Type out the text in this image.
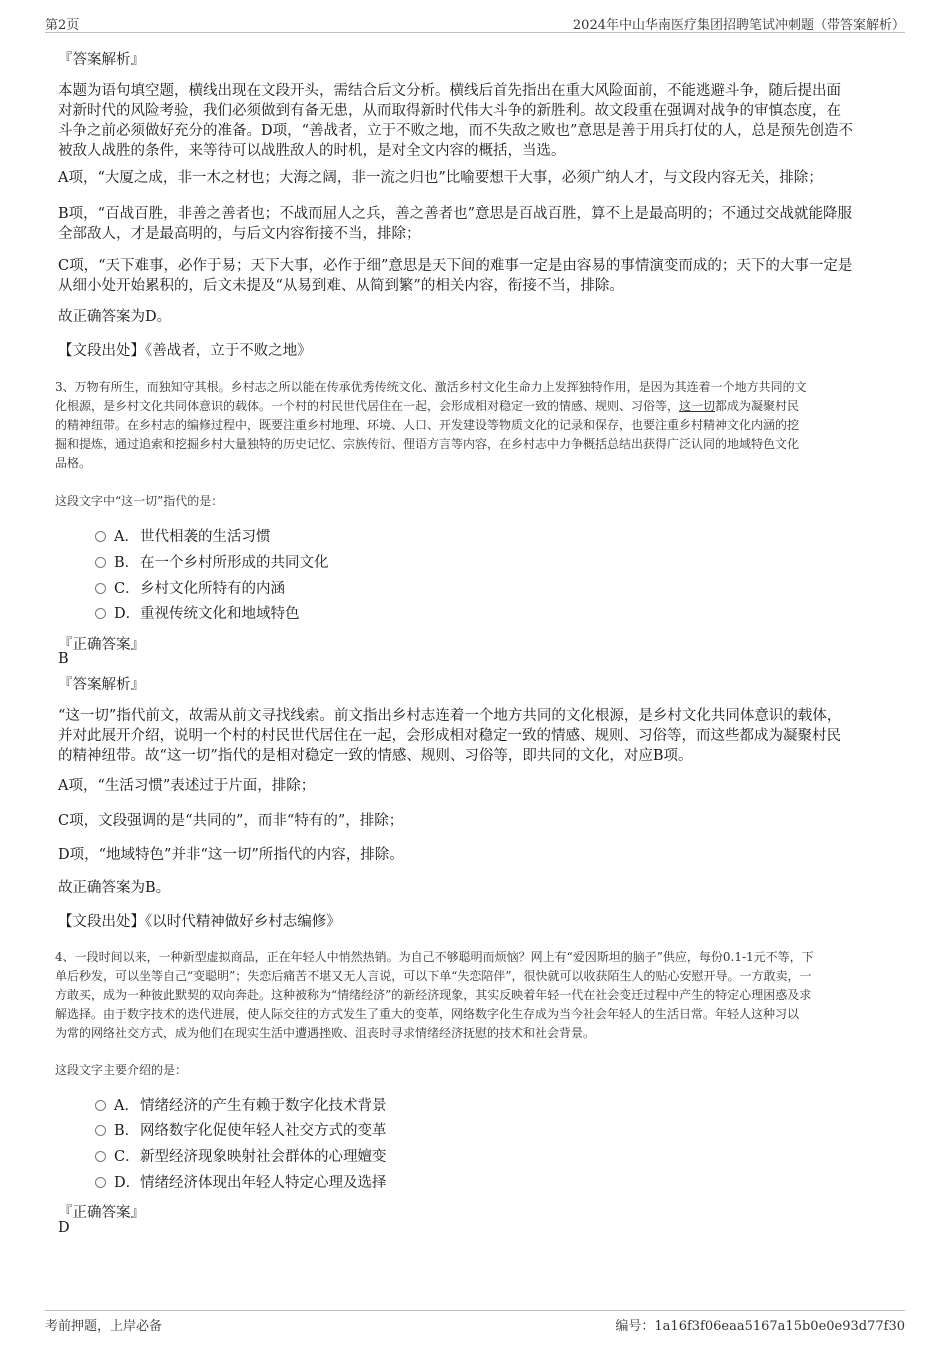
第2页	2024年中山华南医疗集团招聘笔试冲刺题（带答案解析）
『答案解析』

本题为语句填空题，横线出现在文段开头，需结合后文分析。横线后首先指出在重大风险面前，不能逃避斗争，随后提出面

对新时代的风险考验，我们必须做到有备无患，从而取得新时代伟大斗争的新胜利。故文段重在强调对战争的审慎态度，在

斗争之前必须做好充分的准备。D项，“善战者，立于不败之地，而不失敌之败也”意思是善于用兵打仗的人，总是预先创造不

被敌人战胜的条件，来等待可以战胜敌人的时机，是对全文内容的概括，当选。

A项，“大厦之成，非一木之材也；大海之阔，非一流之归也”比喻要想干大事，必须广纳人才，与文段内容无关，排除；

B项，“百战百胜，非善之善者也；不战而屈人之兵，善之善者也”意思是百战百胜，算不上是最高明的；不通过交战就能降服

全部敌人，才是最高明的，与后文内容衔接不当，排除；

C项，“天下难事，必作于易；天下大事，必作于细”意思是天下间的难事一定是由容易的事情演变而成的；天下的大事一定是

从细小处开始累积的，后文未提及“从易到难、从简到繁”的相关内容，衔接不当，排除。

故正确答案为D。

【文段出处】《善战者，立于不败之地》

3、万物有所生，而独知守其根。乡村志之所以能在传承优秀传统文化、激活乡村文化生命力上发挥独特作用，是因为其连着一个地方共同的文

化根源，是乡村文化共同体意识的载体。一个村的村民世代居住在一起，会形成相对稳定一致的情感、规则、习俗等，这一切都成为凝聚村民

的精神纽带。在乡村志的编修过程中，既要注重乡村地理、环境、人口、开发建设等物质文化的记录和保存，也要注重乡村精神文化内涵的挖

掘和提炼，通过追索和挖掘乡村大量独特的历史记忆、宗族传衍、俚语方言等内容，在乡村志中力争概括总结出获得广泛认同的地域特色文化

品格。

这段文字中“这一切”指代的是：

A．世代相袭的生活习惯
B．在一个乡村所形成的共同文化
C．乡村文化所特有的内涵
D．重视传统文化和地域特色
『正确答案』
B
『答案解析』

“这一切”指代前文，故需从前文寻找线索。前文指出乡村志连着一个地方共同的文化根源，是乡村文化共同体意识的载体，

并对此展开介绍，说明一个村的村民世代居住在一起，会形成相对稳定一致的情感、规则、习俗等，而这些都成为凝聚村民

的精神纽带。故“这一切”指代的是相对稳定一致的情感、规则、习俗等，即共同的文化，对应B项。

A项，“生活习惯”表述过于片面，排除；

C项，文段强调的是“共同的”，而非“特有的”，排除；

D项，“地域特色”并非“这一切”所指代的内容，排除。

故正确答案为B。

【文段出处】《以时代精神做好乡村志编修》

4、一段时间以来，一种新型虚拟商品，正在年轻人中悄然热销。为自己不够聪明而烦恼？网上有“爱因斯坦的脑子”供应，每份0.1-1元不等，下

单后秒发，可以坐等自己“变聪明”；失恋后痛苦不堪又无人言说，可以下单“失恋陪伴”，很快就可以收获陌生人的贴心安慰开导。一方敢卖，一

方敢买，成为一种彼此默契的双向奔赴。这种被称为“情绪经济”的新经济现象，其实反映着年轻一代在社会变迁过程中产生的特定心理困惑及求

解选择。由于数字技术的迭代进展，使人际交往的方式发生了重大的变革，网络数字化生存成为当今社会年轻人的生活日常。年轻人这种习以

为常的网络社交方式，成为他们在现实生活中遭遇挫败、沮丧时寻求情绪经济抚慰的技术和社会背景。

这段文字主要介绍的是：

A．情绪经济的产生有赖于数字化技术背景
B．网络数字化促使年轻人社交方式的变革
C．新型经济现象映射社会群体的心理嬗变
D．情绪经济体现出年轻人特定心理及选择
『正确答案』
D
考前押题，上岸必备	编号：1a16f3f06eaa5167a15b0e0e93d77f30
